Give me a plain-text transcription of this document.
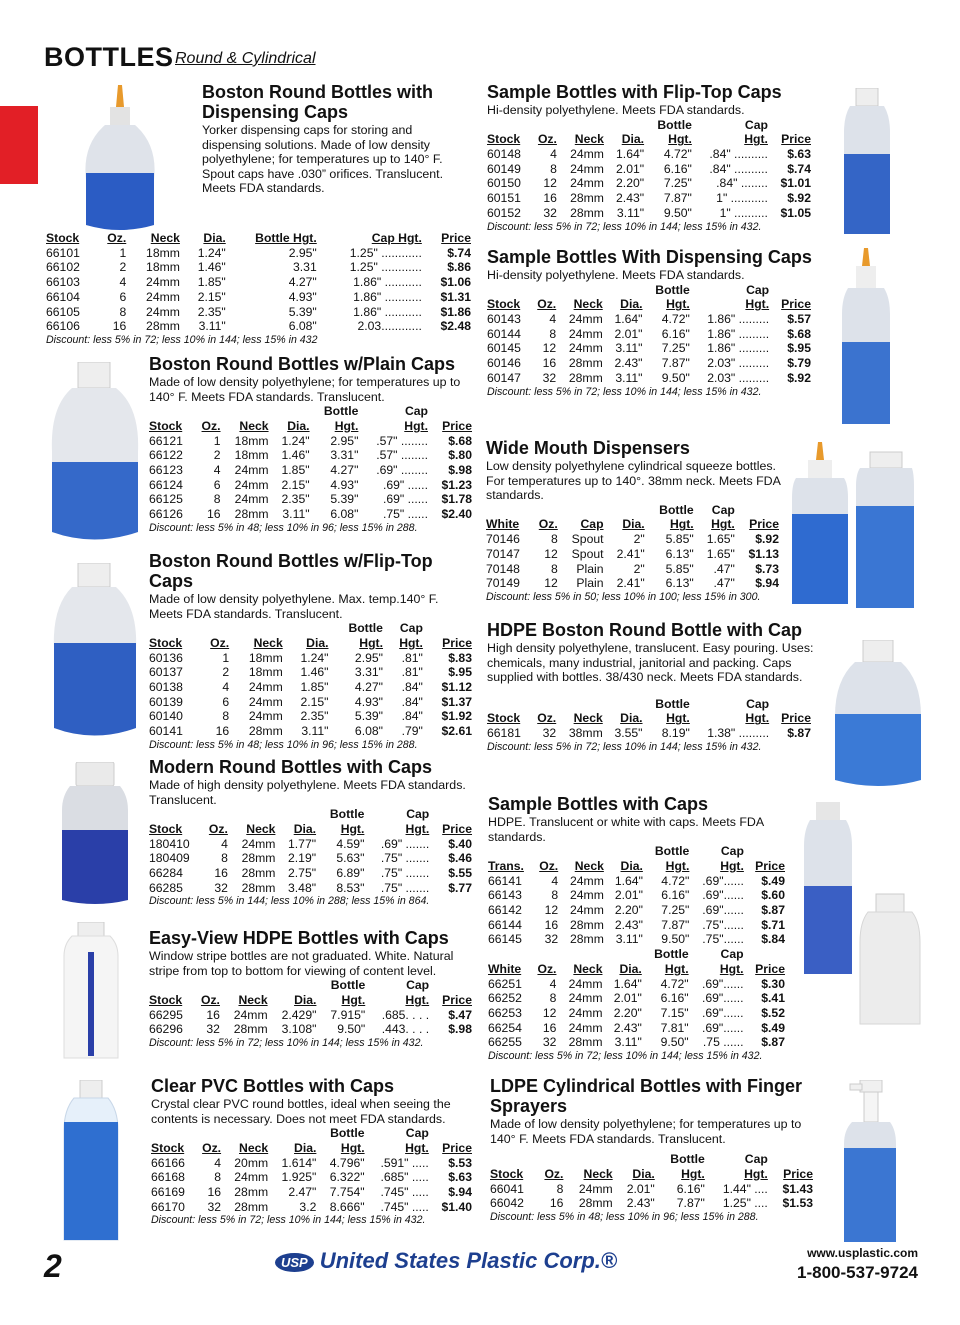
BOTTLES Round & Cylindrical
Boston Round Bottles with Dispensing Caps

Yorker dispensing caps for storing and dispensing solutions. Made of low density polyethylene; for temperatures up to 140° F. Spout caps have .030” orifices. Translucent. Meets FDA standards.

Stock	Oz.	Neck	Dia.	Bottle Hgt.	Cap Hgt.	Price
66101	1	18mm	1.24"	2.95"	1.25" ............	$.74
66102	2	18mm	1.46"	3.31	1.25" ............	$.86
66103	4	24mm	1.85"	4.27"	1.86" ...........	$1.06
66104	6	24mm	2.15"	4.93"	1.86" ...........	$1.31
66105	8	24mm	2.35"	5.39"	1.86" ...........	$1.86
66106	16	28mm	3.11"	6.08"	2.03............	$2.48
Discount: less 5% in 72; less 10% in 144; less 15% in 432
Boston Round Bottles w/Plain Caps

Made of low density polyethylene; for temperatures up to 140° F. Meets FDA standards. Translucent.

				Bottle	Cap	
Stock	Oz.	Neck	Dia.	Hgt.	Hgt.	Price
66121	1	18mm	1.24"	2.95"	.57" ........	$.68
66122	2	18mm	1.46"	3.31"	.57" ........	$.80
66123	4	24mm	1.85"	4.27"	.69" ........	$.98
66124	6	24mm	2.15"	4.93"	.69" ......	$1.23
66125	8	24mm	2.35"	5.39"	.69" ......	$1.78
66126	16	28mm	3.11"	6.08"	.75" ......	$2.40
Discount: less 5% in 48; less 10% in 96; less 15% in 288.
Boston Round Bottles w/Flip-Top Caps

Made of low density polyethylene. Max. temp.140° F. Meets FDA standards. Translucent.

				Bottle	Cap	
Stock	Oz.	Neck	Dia.	Hgt.	Hgt.	Price
60136	1	18mm	1.24"	2.95"	.81"	$.83
60137	2	18mm	1.46"	3.31"	.81"	$.95
60138	4	24mm	1.85"	4.27"	.84"	$1.12
60139	6	24mm	2.15"	4.93"	.84"	$1.37
60140	8	24mm	2.35"	5.39"	.84"	$1.92
60141	16	28mm	3.11"	6.08"	.79"	$2.61
Discount: less 5% in 48; less 10% in 96; less 15% in 288.
Modern Round Bottles with Caps

Made of high density polyethylene. Meets FDA standards. Translucent.

				Bottle	Cap	
Stock	Oz.	Neck	Dia.	Hgt.	Hgt.	Price
180410	4	24mm	1.77"	4.59"	.69" .......	$.40
180409	8	28mm	2.19"	5.63"	.75" .......	$.46
66284	16	28mm	2.75"	6.89"	.75" .......	$.55
66285	32	28mm	3.48"	8.53"	.75" .......	$.77
Discount: less 5% in 144; less 10% in 288; less 15% in 864.
Easy-View HDPE Bottles with Caps

Window stripe bottles are not graduated. White. Natural stripe from top to bottom for viewing of content level.

				Bottle	Cap	
Stock	Oz.	Neck	Dia.	Hgt.	Hgt.	Price
66295	16	24mm	2.429"	7.915"	.685. . . .	$.47
66296	32	28mm	3.108"	9.50"	.443. . . .	$.98
Discount: less 5% in 72; less 10% in 144; less 15% in 432.
Clear PVC Bottles with Caps

Crystal clear PVC round bottles, ideal when seeing the contents is necessary. Does not meet FDA standards.

				Bottle	Cap	
Stock	Oz.	Neck	Dia.	Hgt.	Hgt.	Price
66166	4	20mm	1.614"	4.796"	.591" .....	$.53
66168	8	24mm	1.925"	6.322"	.685" .....	$.63
66169	16	28mm	2.47"	7.754"	.745" .....	$.94
66170	32	28mm	3.2	8.666"	.745" .....	$1.40
Discount: less 5% in 72; less 10% in 144; less 15% in 432.
Sample Bottles with Flip-Top Caps

Hi-density polyethylene. Meets FDA standards.

				Bottle	Cap	
Stock	Oz.	Neck	Dia.	Hgt.	Hgt.	Price
60148	4	24mm	1.64"	4.72"	.84" ..........	$.63
60149	8	24mm	2.01"	6.16"	.84" ..........	$.74
60150	12	24mm	2.20"	7.25"	.84" ........	$1.01
60151	16	28mm	2.43"	7.87"	1" ...........	$.92
60152	32	28mm	3.11"	9.50"	1" ..........	$1.05
Discount: less 5% in 72; less 10% in 144; less 15% in 432.
Sample Bottles With Dispensing Caps

Hi-density polyethylene. Meets FDA standards.

				Bottle	Cap	
Stock	Oz.	Neck	Dia.	Hgt.	Hgt.	Price
60143	4	24mm	1.64"	4.72"	1.86" .........	$.57
60144	8	24mm	2.01"	6.16"	1.86" .........	$.68
60145	12	24mm	3.11"	7.25"	1.86" .........	$.95
60146	16	28mm	2.43"	7.87"	2.03" .........	$.79
60147	32	28mm	3.11"	9.50"	2.03" .........	$.92
Discount: less 5% in 72; less 10% in 144; less 15% in 432.
Wide Mouth Dispensers

Low density polyethylene cylindrical squeeze bottles. For temperatures up to 140°. 38mm neck. Meets FDA standards.

				Bottle	Cap	
White	Oz.	Cap	Dia.	Hgt.	Hgt.	Price
70146	8	Spout	2"	5.85"	1.65"	$.92
70147	12	Spout	2.41"	6.13"	1.65"	$1.13
70148	8	Plain	2"	5.85"	.47"	$.73
70149	12	Plain	2.41"	6.13"	.47"	$.94
Discount: less 5% in 50; less 10% in 100; less 15% in 300.
HDPE Boston Round Bottle with Cap

High density polyethylene, translucent. Easy pouring. Uses: chemicals, many industrial, janitorial and packing. Caps supplied with bottles. 38/430 neck. Meets FDA standards.

				Bottle	Cap	
Stock	Oz.	Neck	Dia.	Hgt.	Hgt.	Price
66181	32	38mm	3.55"	8.19"	1.38" .........	$.87
Discount: less 5% in 72; less 10% in 144; less 15% in 432.
Sample Bottles with Caps

HDPE. Translucent or white with caps. Meets FDA standards.

				Bottle	Cap	
Trans.	Oz.	Neck	Dia.	Hgt.	Hgt.	Price
66141	4	24mm	1.64"	4.72"	.69"......	$.49
66143	8	24mm	2.01"	6.16"	.69"......	$.60
66142	12	24mm	2.20"	7.25"	.69"......	$.87
66144	16	28mm	2.43"	7.87"	.75"......	$.71
66145	32	28mm	3.11"	9.50"	.75"......	$.84
				Bottle	Cap	
White	Oz.	Neck	Dia.	Hgt.	Hgt.	Price
66251	4	24mm	1.64"	4.72"	.69"......	$.30
66252	8	24mm	2.01"	6.16"	.69"......	$.41
66253	12	24mm	2.20"	7.15"	.69"......	$.52
66254	16	24mm	2.43"	7.81"	.69"......	$.49
66255	32	28mm	3.11"	9.50"	.75 ......	$.87
Discount: less 5% in 72; less 10% in 144; less 15% in 432.
LDPE Cylindrical Bottles with Finger Sprayers

Made of low density polyethylene; for temperatures up to 140° F. Meets FDA standards. Translucent.

				Bottle	Cap	
Stock	Oz.	Neck	Dia.	Hgt.	Hgt.	Price
66041	8	24mm	2.01"	6.16"	1.44" ....	$1.43
66042	16	28mm	2.43"	7.87"	1.25" ....	$1.53
Discount: less 5% in 48; less 10% in 96; less 15% in 288.
2	USP United States Plastic Corp.®	www.usplastic.com
1-800-537-9724
